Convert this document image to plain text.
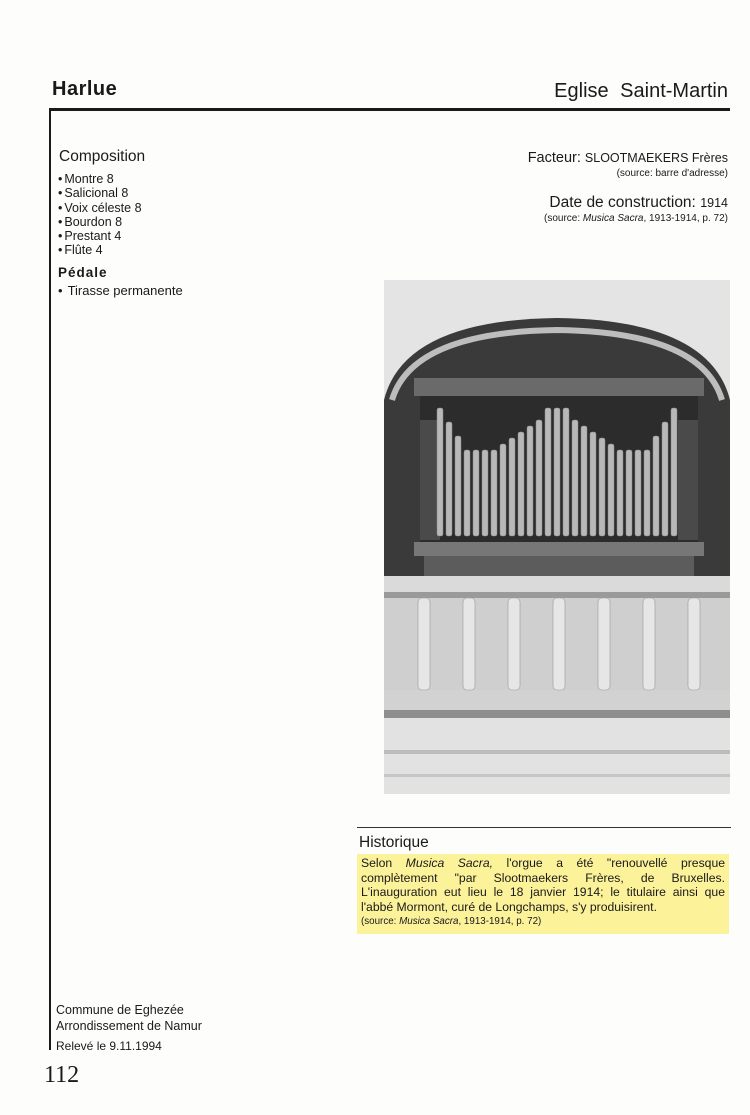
Harlue	Eglise Saint-Martin
Composition
• Montre 8
• Salicional 8
• Voix céleste 8
• Bourdon 8
• Prestant 4
• Flûte 4
Pédale
• Tirasse permanente
Facteur: SLOOTMAEKERS Frères
(source: barre d'adresse)
Date de construction: 1914
(source: Musica Sacra, 1913-1914, p. 72)
Historique

Selon Musica Sacra, l'orgue a été "renouvellé presque complètement "par Slootmaekers Frères, de Bruxelles. L'inauguration eut lieu le 18 janvier 1914; le titulaire ainsi que l'abbé Mormont, curé de Longchamps, s'y produisirent.

(source: Musica Sacra, 1913-1914, p. 72)

Commune de Eghezée
Arrondissement de Namur
Relevé le 9.11.1994
112
